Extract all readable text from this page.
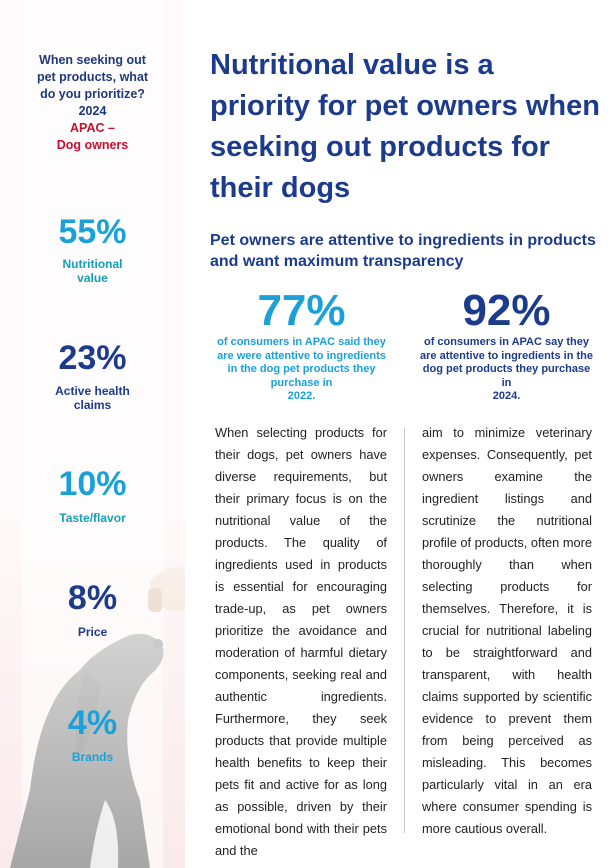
When seeking out pet products, what do you prioritize?
2024
APAC –
Dog owners
55%
Nutritional value
23%
Active health claims
10%
Taste/flavor
8%
Price
4%
Brands
Nutritional value is a priority for pet owners when seeking out products for their dogs
Pet owners are attentive to ingredients in products and want maximum transparency
77%
of consumers in APAC said they are were attentive to ingredients in the dog pet products they purchase in
2022.
92%
of consumers in APAC say they are attentive to ingredients in the dog pet products they purchase in
2024.
When selecting products for their dogs, pet owners have diverse requirements, but their primary focus is on the nutritional value of the products. The quality of ingredients used in products is essential for encouraging trade-up, as pet owners prioritize the avoidance and moderation of harmful dietary components, seeking real and authentic ingredients. Furthermore, they seek products that provide multiple health benefits to keep their pets fit and active for as long as possible, driven by their emotional bond with their pets and the
aim to minimize veterinary expenses. Consequently, pet owners examine the ingredient listings and scrutinize the nutritional profile of products, often more thoroughly than when selecting products for themselves. Therefore, it is crucial for nutritional labeling to be straightforward and transparent, with health claims supported by scientific evidence to prevent them from being perceived as misleading. This becomes particularly vital in an era where consumer spending is more cautious overall.
